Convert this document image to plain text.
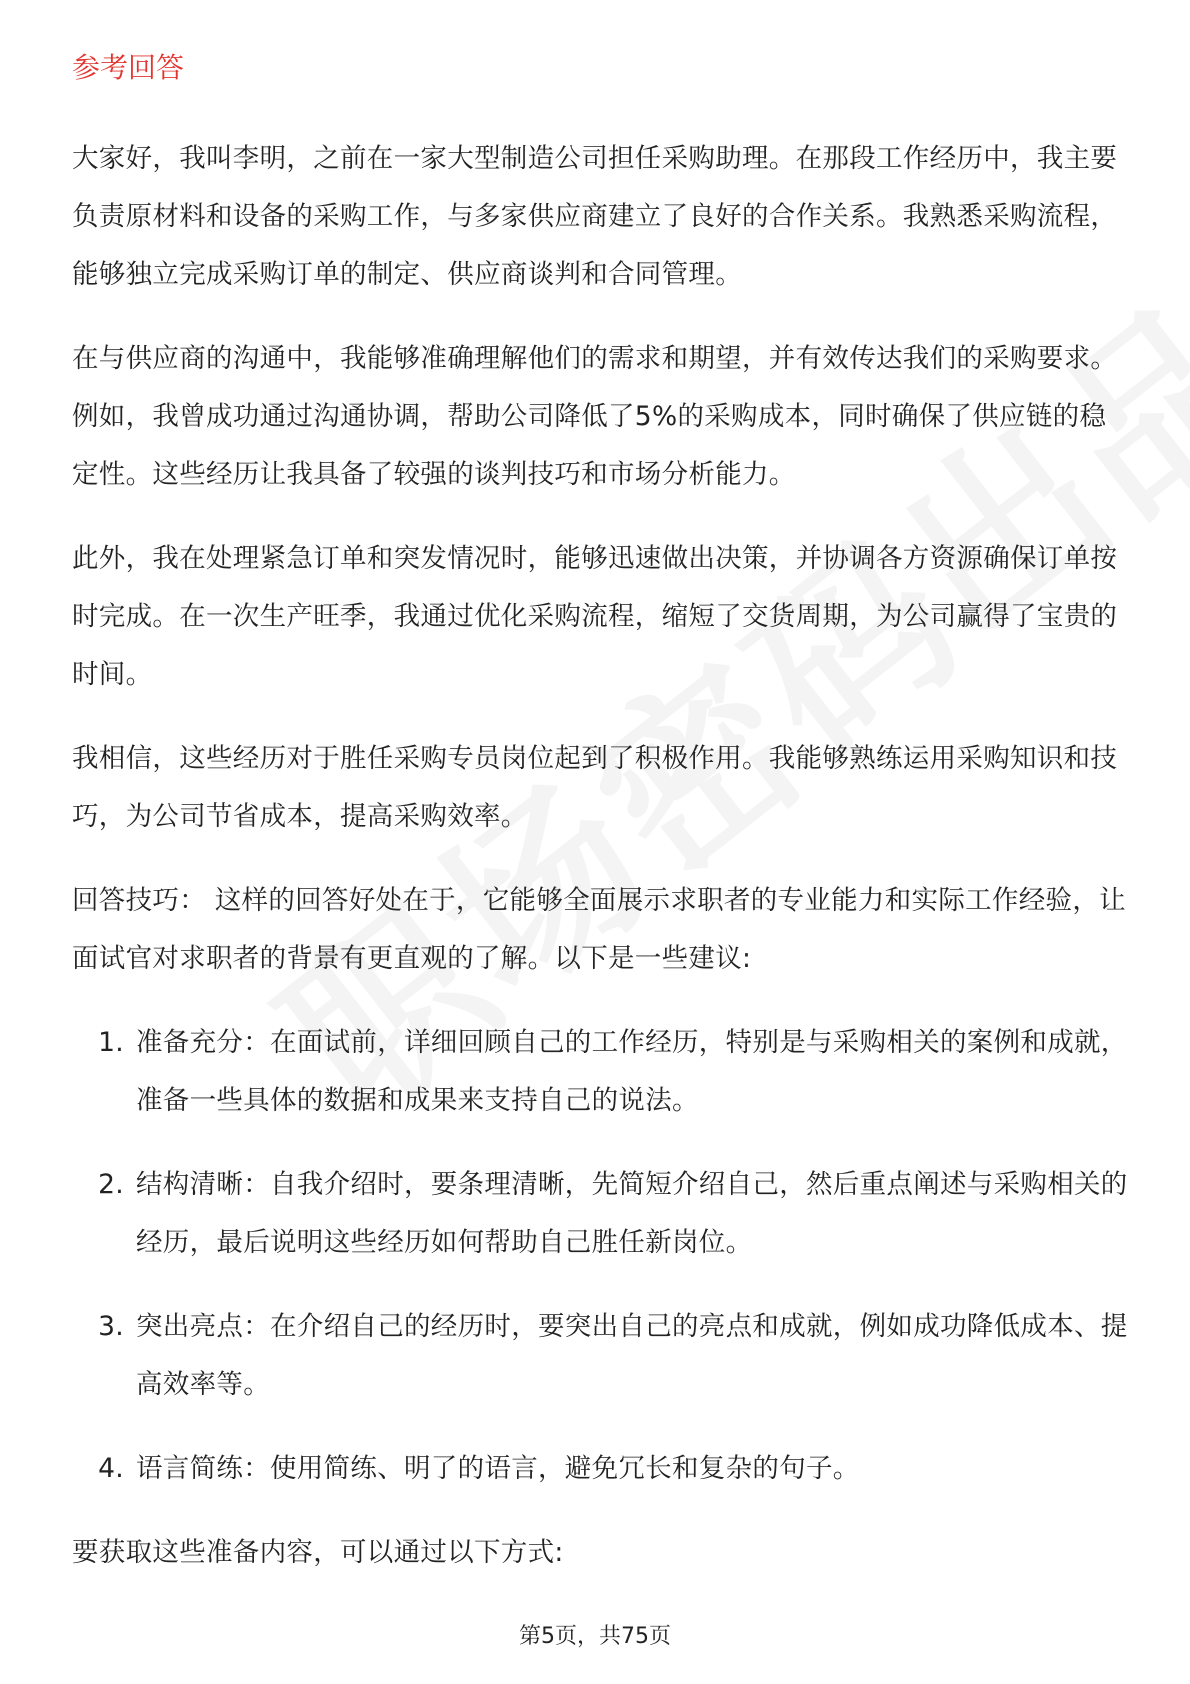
参考回答

大家好，我叫李明，之前在一家大型制造公司担任采购助理。在那段工作经历中，我主要负责原材料和设备的采购工作，与多家供应商建立了良好的合作关系。我熟悉采购流程，能够独立完成采购订单的制定、供应商谈判和合同管理。

在与供应商的沟通中，我能够准确理解他们的需求和期望，并有效传达我们的采购要求。例如，我曾成功通过沟通协调，帮助公司降低了5%的采购成本，同时确保了供应链的稳定性。这些经历让我具备了较强的谈判技巧和市场分析能力。

此外，我在处理紧急订单和突发情况时，能够迅速做出决策，并协调各方资源确保订单按时完成。在一次生产旺季，我通过优化采购流程，缩短了交货周期，为公司赢得了宝贵的时间。

我相信，这些经历对于胜任采购专员岗位起到了积极作用。我能够熟练运用采购知识和技巧，为公司节省成本，提高采购效率。

回答技巧： 这样的回答好处在于，它能够全面展示求职者的专业能力和实际工作经验，让面试官对求职者的背景有更直观的了解。以下是一些建议:

1. 准备充分：在面试前，详细回顾自己的工作经历，特别是与采购相关的案例和成就，准备一些具体的数据和成果来支持自己的说法。
2. 结构清晰：自我介绍时，要条理清晰，先简短介绍自己，然后重点阐述与采购相关的经历，最后说明这些经历如何帮助自己胜任新岗位。
3. 突出亮点：在介绍自己的经历时，要突出自己的亮点和成就，例如成功降低成本、提高效率等。
4. 语言简练：使用简练、明了的语言，避免冗长和复杂的句子。

要获取这些准备内容，可以通过以下方式:

第5页，共75页
